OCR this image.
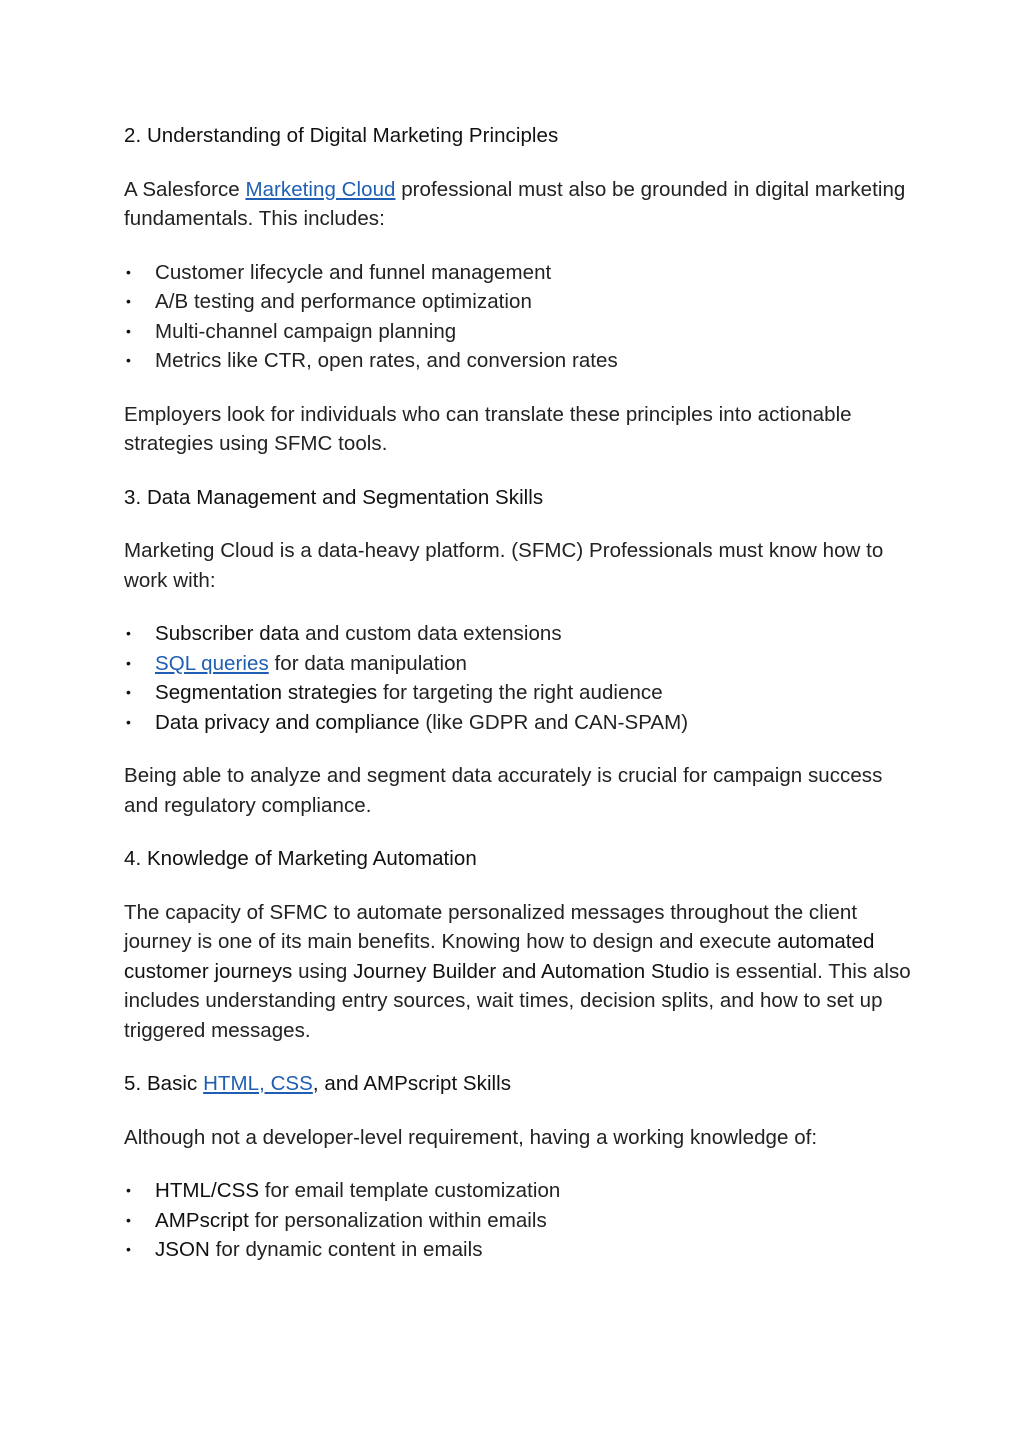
2. Understanding of Digital Marketing Principles

A Salesforce Marketing Cloud professional must also be grounded in digital marketing fundamentals. This includes:

• Customer lifecycle and funnel management
• A/B testing and performance optimization
• Multi-channel campaign planning
• Metrics like CTR, open rates, and conversion rates

Employers look for individuals who can translate these principles into actionable strategies using SFMC tools.

3. Data Management and Segmentation Skills

Marketing Cloud is a data-heavy platform. (SFMC) Professionals must know how to work with:

• Subscriber data and custom data extensions
• SQL queries for data manipulation
• Segmentation strategies for targeting the right audience
• Data privacy and compliance (like GDPR and CAN-SPAM)

Being able to analyze and segment data accurately is crucial for campaign success and regulatory compliance.

4. Knowledge of Marketing Automation

The capacity of SFMC to automate personalized messages throughout the client journey is one of its main benefits. Knowing how to design and execute automated customer journeys using Journey Builder and Automation Studio is essential. This also includes understanding entry sources, wait times, decision splits, and how to set up triggered messages.

5. Basic HTML, CSS, and AMPscript Skills

Although not a developer-level requirement, having a working knowledge of:

• HTML/CSS for email template customization
• AMPscript for personalization within emails
• JSON for dynamic content in emails
